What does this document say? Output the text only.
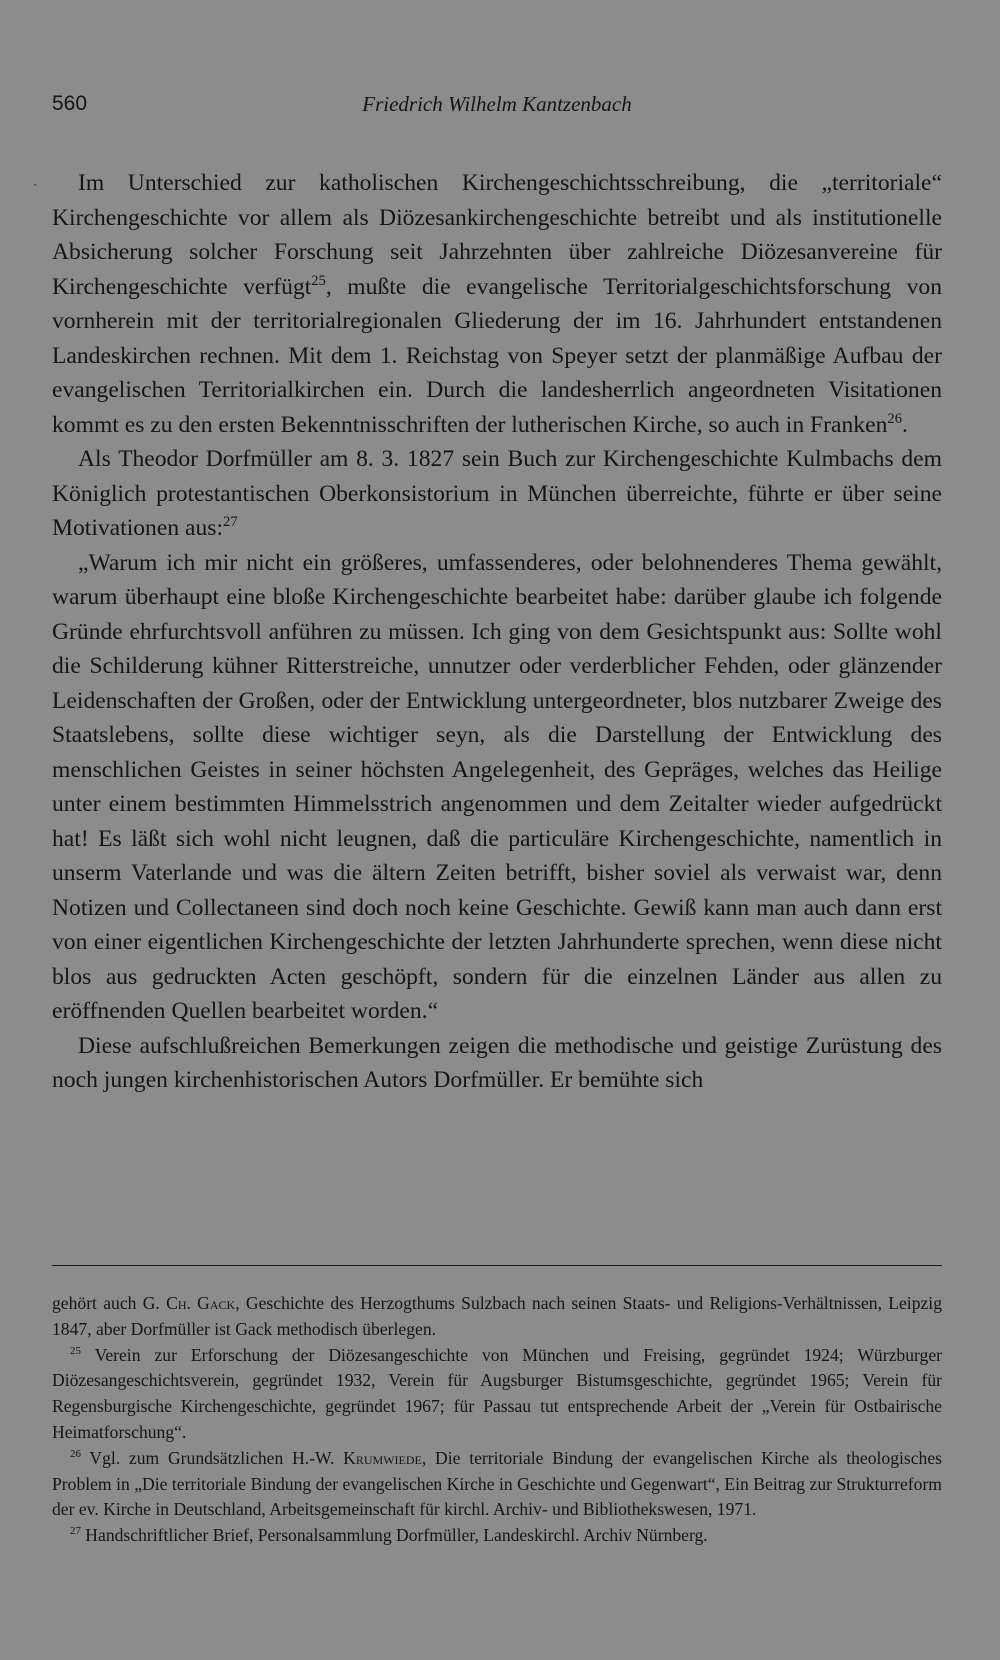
560	Friedrich Wilhelm Kantzenbach
ˎ	Im Unterschied zur katholischen Kirchengeschichtsschreibung, die „territoriale“ Kirchengeschichte vor allem als Diözesankirchengeschichte betreibt und als institutionelle Absicherung solcher Forschung seit Jahrzehnten über zahlreiche Diözesanvereine für Kirchengeschichte verfügt$^{25}$, mußte die evangelische Territorialgeschichtsforschung von vornherein mit der territorialregionalen Gliederung der im 16. Jahrhundert entstandenen Landeskirchen rechnen. Mit dem 1. Reichstag von Speyer setzt der planmäßige Aufbau der evangelischen Territorialkirchen ein. Durch die landesherrlich angeordneten Visitationen kommt es zu den ersten Bekenntnisschriften der lutherischen Kirche, so auch in Franken$^{26}$.

Als Theodor Dorfmüller am 8. 3. 1827 sein Buch zur Kirchengeschichte Kulmbachs dem Königlich protestantischen Oberkonsistorium in München überreichte, führte er über seine Motivationen aus:$^{27}$

„Warum ich mir nicht ein größeres, umfassenderes, oder belohnenderes Thema gewählt, warum überhaupt eine bloße Kirchengeschichte bearbeitet habe: darüber glaube ich folgende Gründe ehrfurchtsvoll anführen zu müssen. Ich ging von dem Gesichtspunkt aus: Sollte wohl die Schilderung kühner Ritterstreiche, unnutzer oder verderblicher Fehden, oder glänzender Leidenschaften der Großen, oder der Entwicklung untergeordneter, blos nutzbarer Zweige des Staatslebens, sollte diese wichtiger seyn, als die Darstellung der Entwicklung des menschlichen Geistes in seiner höchsten Angelegenheit, des Gepräges, welches das Heilige unter einem bestimmten Himmelsstrich angenommen und dem Zeitalter wieder aufgedrückt hat! Es läßt sich wohl nicht leugnen, daß die particuläre Kirchengeschichte, namentlich in unserm Vaterlande und was die ältern Zeiten betrifft, bisher soviel als verwaist war, denn Notizen und Collectaneen sind doch noch keine Geschichte. Gewiß kann man auch dann erst von einer eigentlichen Kirchengeschichte der letzten Jahrhunderte sprechen, wenn diese nicht blos aus gedruckten Acten geschöpft, sondern für die einzelnen Länder aus allen zu eröffnenden Quellen bearbeitet worden.“

Diese aufschlußreichen Bemerkungen zeigen die methodische und geistige Zurüstung des noch jungen kirchenhistorischen Autors Dorfmüller. Er bemühte sich

gehört auch G. Ch. Gack, Geschichte des Herzogthums Sulzbach nach seinen Staats- und Religions-Verhältnissen, Leipzig 1847, aber Dorfmüller ist Gack methodisch überlegen.

$^{25}$ Verein zur Erforschung der Diözesangeschichte von München und Freising, gegründet 1924; Würzburger Diözesangeschichtsverein, gegründet 1932, Verein für Augsburger Bistumsgeschichte, gegründet 1965; Verein für Regensburgische Kirchengeschichte, gegründet 1967; für Passau tut entsprechende Arbeit der „Verein für Ostbairische Heimatforschung“.

$^{26}$ Vgl. zum Grundsätzlichen H.-W. Krumwiede, Die territoriale Bindung der evangelischen Kirche als theologisches Problem in „Die territoriale Bindung der evangelischen Kirche in Geschichte und Gegenwart“, Ein Beitrag zur Strukturreform der ev. Kirche in Deutschland, Arbeitsgemeinschaft für kirchl. Archiv- und Bibliothekswesen, 1971.

$^{27}$ Handschriftlicher Brief, Personalsammlung Dorfmüller, Landeskirchl. Archiv Nürnberg.
